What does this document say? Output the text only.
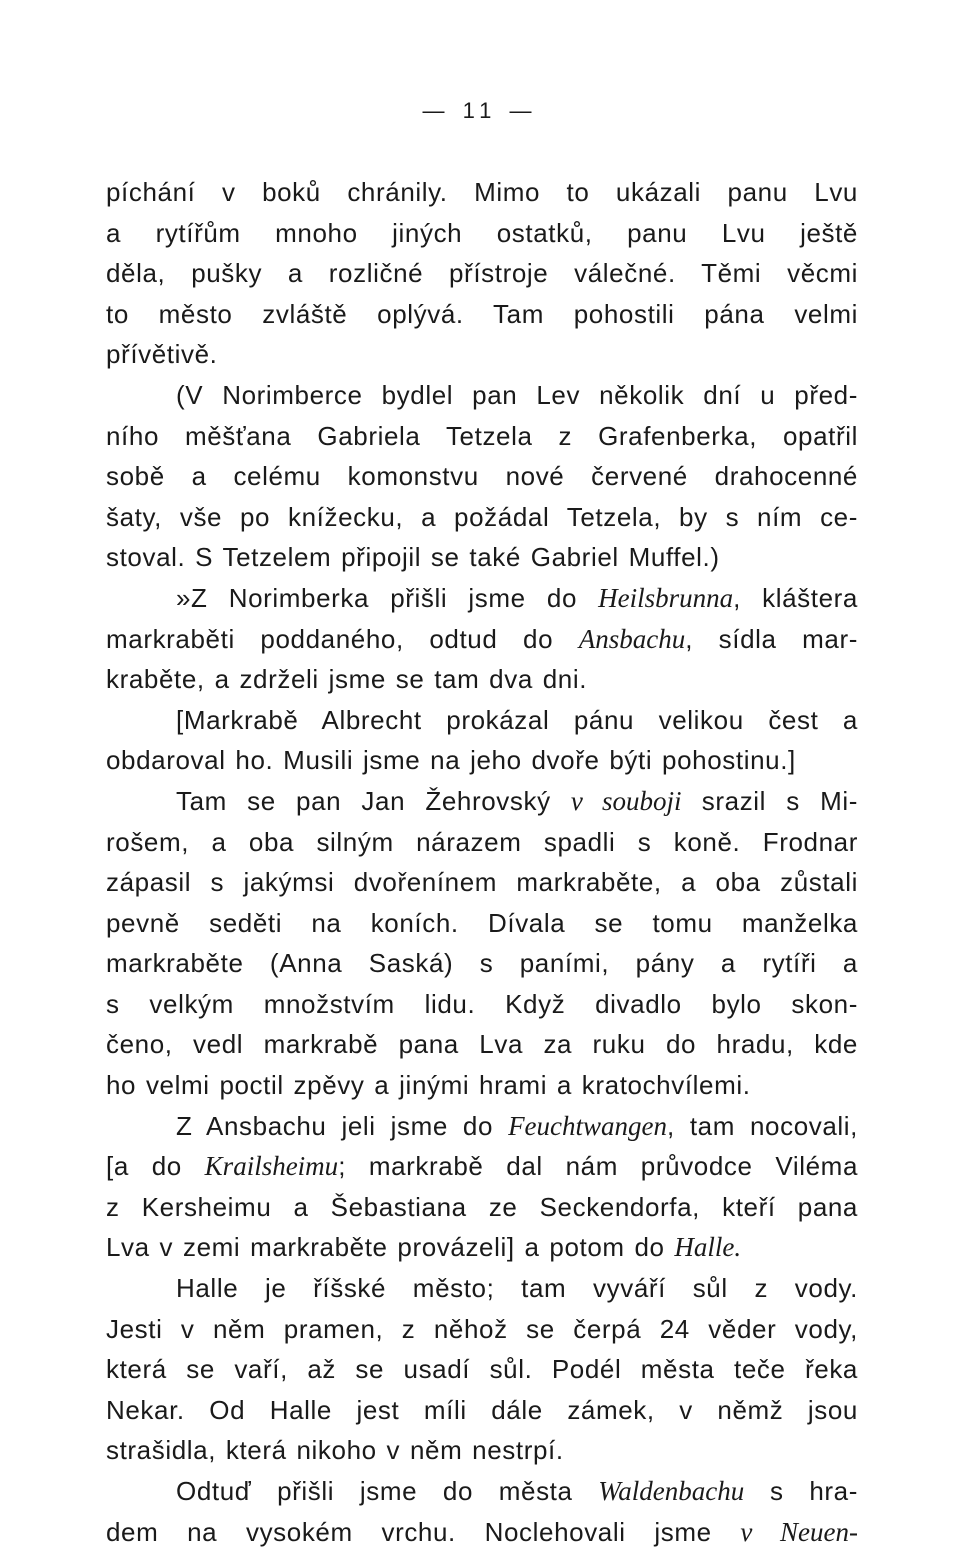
— 11 —
píchání v boků chránily. Mimo to ukázali panu Lvu
a rytířům mnoho jiných ostatků, panu Lvu ještě
děla, pušky a rozličné přístroje válečné. Těmi věcmi
to město zvláště oplývá. Tam pohostili pána velmi
přívětivě.
(V Norimberce bydlel pan Lev několik dní u před-
ního měšťana Gabriela Tetzela z Grafenberka, opatřil
sobě a celému komonstvu nové červené drahocenné
šaty, vše po knížecku, a požádal Tetzela, by s ním ce-
stoval. S Tetzelem připojil se také Gabriel Muffel.)
»Z Norimberka přišli jsme do Heilsbrunna, kláštera
markraběti poddaného, odtud do Ansbachu, sídla mar-
kraběte, a zdrželi jsme se tam dva dni.
[Markrabě Albrecht prokázal pánu velikou čest a
obdaroval ho. Musili jsme na jeho dvoře býti pohostinu.]
Tam se pan Jan Žehrovský v souboji srazil s Mi-
rošem, a oba silným nárazem spadli s koně. Frodnar
zápasil s jakýmsi dvořenínem markraběte, a oba zůstali
pevně seděti na koních. Dívala se tomu manželka
markraběte (Anna Saská) s paními, pány a rytíři a
s velkým množstvím lidu. Když divadlo bylo skon-
čeno, vedl markrabě pana Lva za ruku do hradu, kde
ho velmi poctil zpěvy a jinými hrami a kratochvílemi.
Z Ansbachu jeli jsme do Feuchtwangen, tam nocovali,
[a do Krailsheimu; markrabě dal nám průvodce Viléma
z Kersheimu a Šebastiana ze Seckendorfa, kteří pana
Lva v zemi markraběte provázeli] a potom do Halle.
Halle je říšské město; tam vyváří sůl z vody.
Jesti v něm pramen, z něhož se čerpá 24 věder vody,
která se vaří, až se usadí sůl. Podél města teče řeka
Nekar. Od Halle jest míli dále zámek, v němž jsou
strašidla, která nikoho v něm nestrpí.
Odtuď přišli jsme do města Waldenbachu s hra-
dem na vysokém vrchu. Noclehovali jsme v Neuen-
